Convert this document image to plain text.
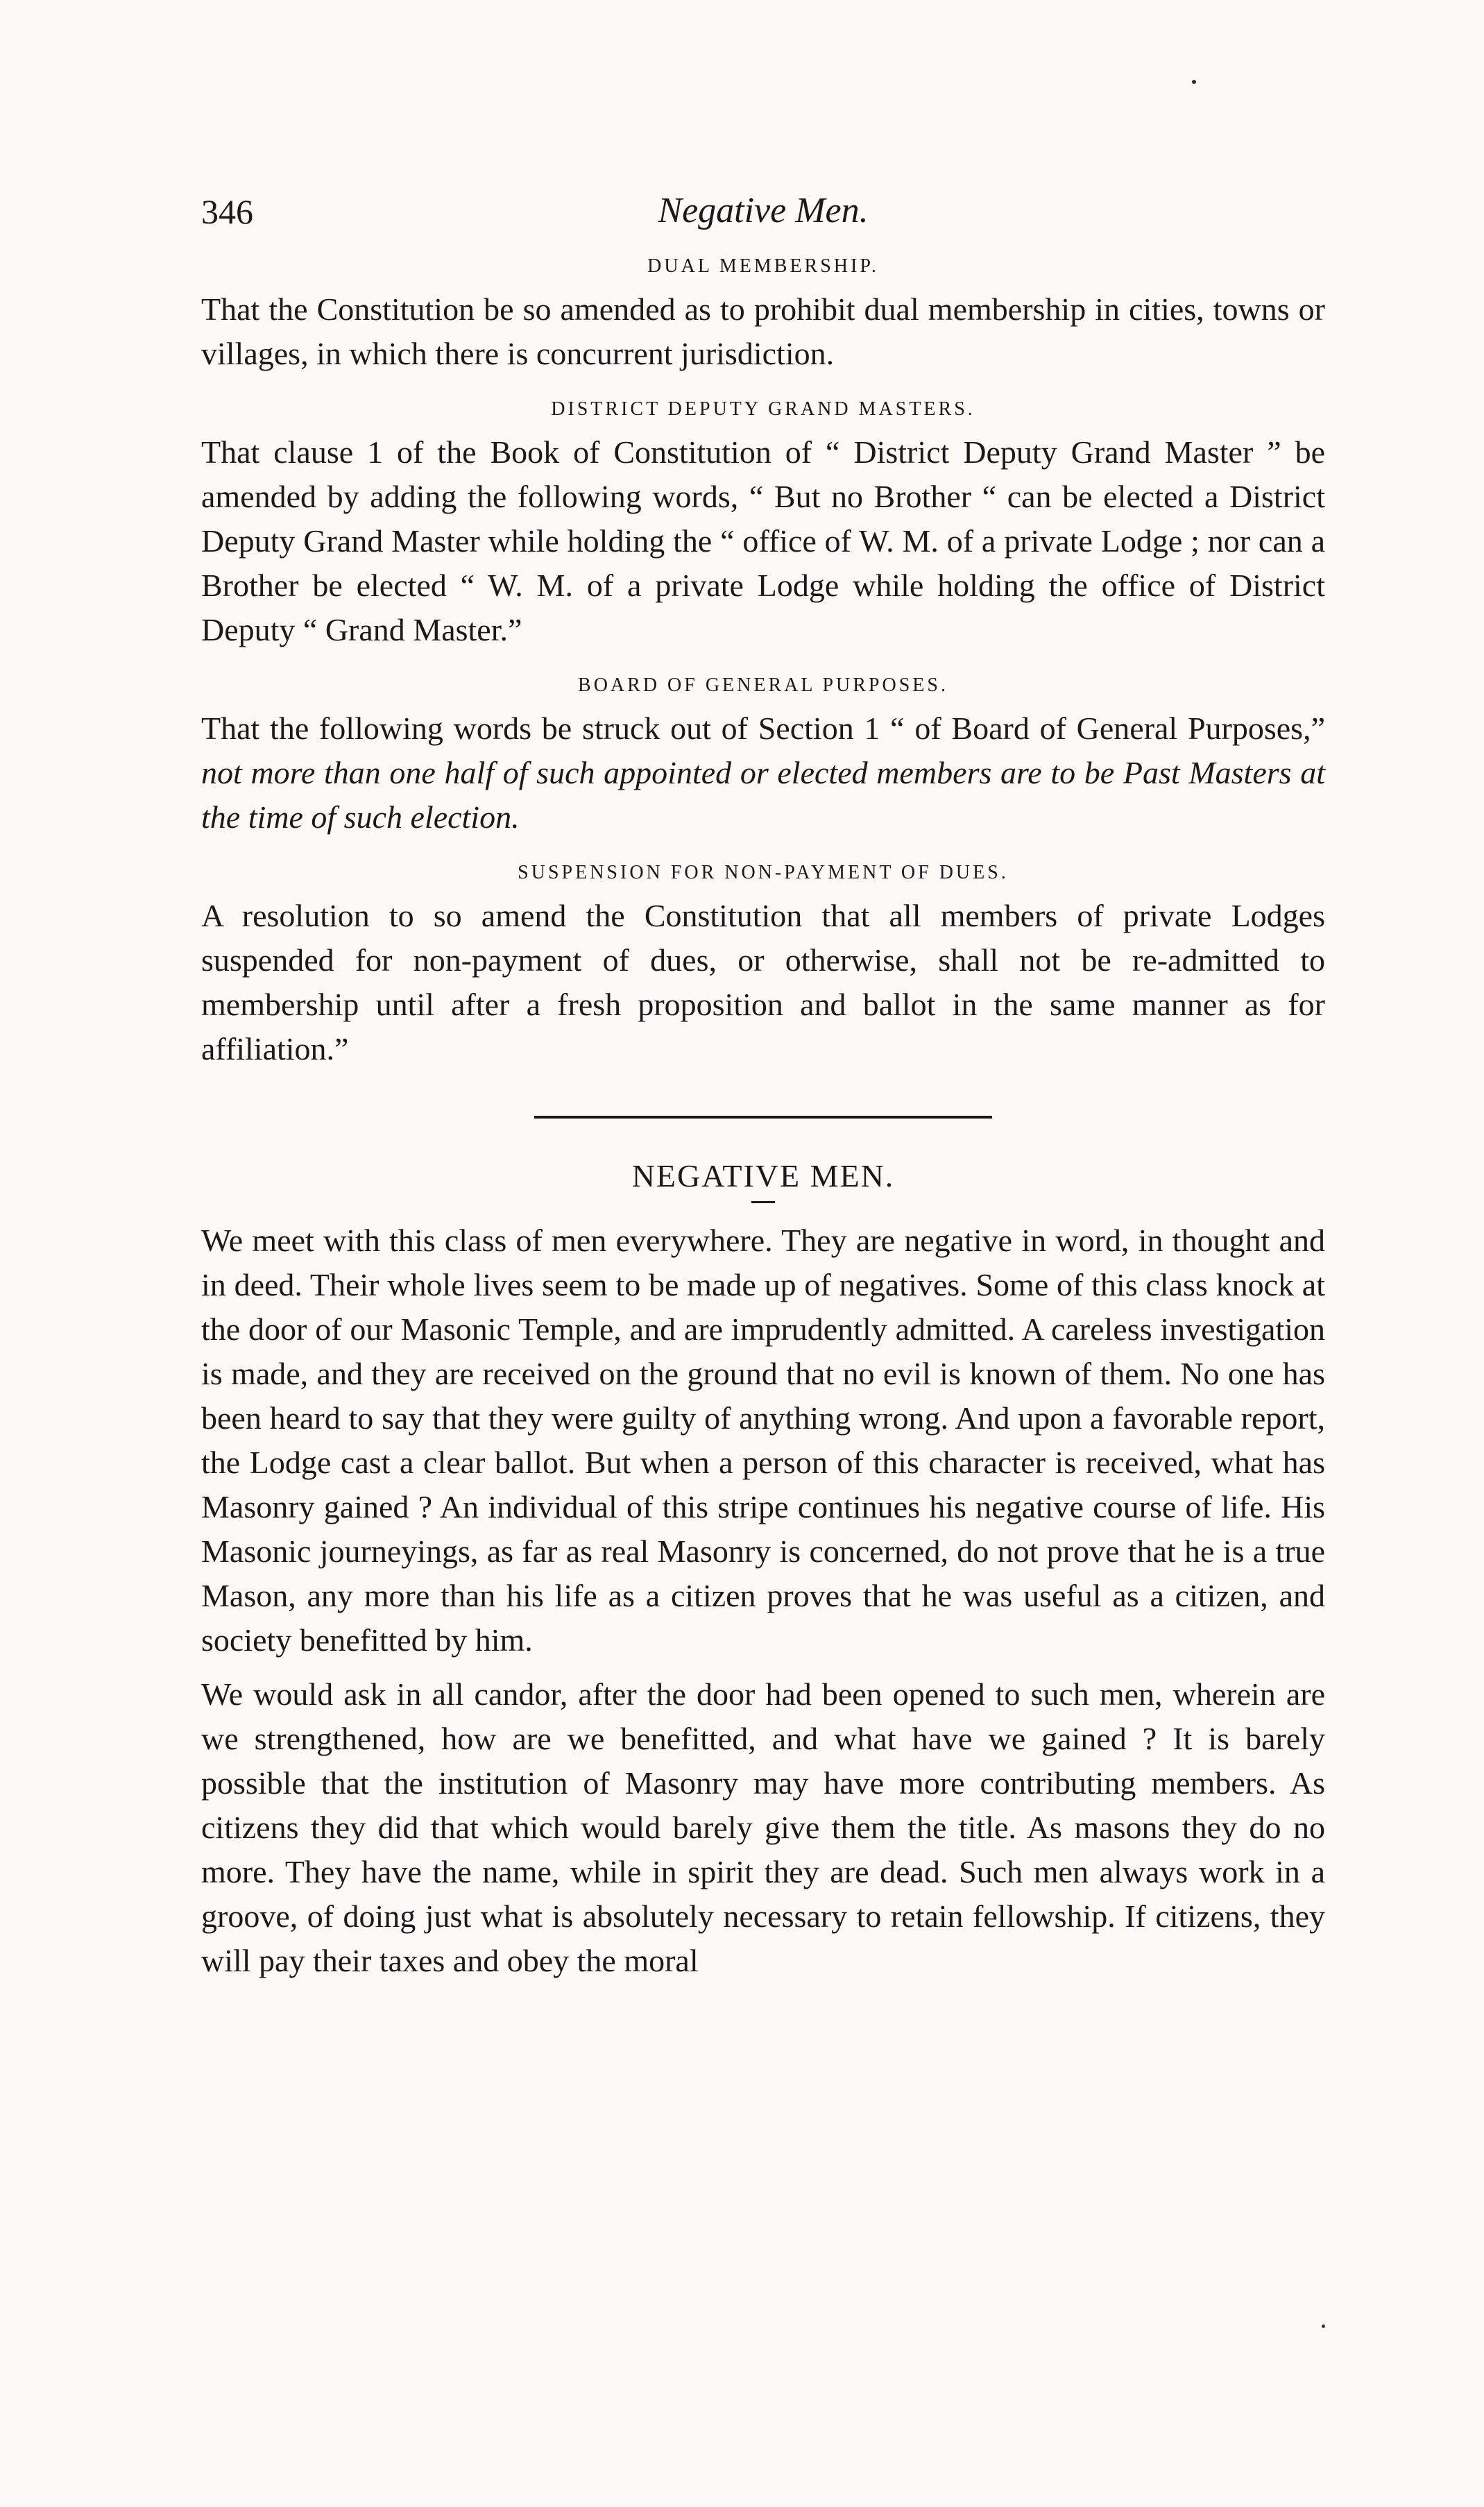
346	Negative Men.
DUAL MEMBERSHIP.

That the Constitution be so amended as to prohibit dual membership in cities, towns or villages, in which there is concurrent jurisdiction.

DISTRICT DEPUTY GRAND MASTERS.

That clause 1 of the Book of Constitution of “ District Deputy Grand Master ” be amended by adding the following words, “ But no Brother “ can be elected a District Deputy Grand Master while holding the “ office of W. M. of a private Lodge ; nor can a Brother be elected “ W. M. of a private Lodge while holding the office of District Deputy “ Grand Master.”

BOARD OF GENERAL PURPOSES.

That the following words be struck out of Section 1 “ of Board of General Purposes,” not more than one half of such appointed or elected members are to be Past Masters at the time of such election.

SUSPENSION FOR NON-PAYMENT OF DUES.

A resolution to so amend the Constitution that all members of private Lodges suspended for non-payment of dues, or otherwise, shall not be re-admitted to membership until after a fresh proposition and ballot in the same manner as for affiliation.”

NEGATIVE MEN.

We meet with this class of men everywhere. They are negative in word, in thought and in deed. Their whole lives seem to be made up of negatives. Some of this class knock at the door of our Masonic Temple, and are imprudently admitted. A careless investigation is made, and they are received on the ground that no evil is known of them. No one has been heard to say that they were guilty of anything wrong. And upon a favorable report, the Lodge cast a clear ballot. But when a person of this character is received, what has Masonry gained ? An individual of this stripe continues his negative course of life. His Masonic journeyings, as far as real Masonry is concerned, do not prove that he is a true Mason, any more than his life as a citizen proves that he was useful as a citizen, and society benefitted by him.

We would ask in all candor, after the door had been opened to such men, wherein are we strengthened, how are we benefitted, and what have we gained ? It is barely possible that the institution of Masonry may have more contributing members. As citizens they did that which would barely give them the title. As masons they do no more. They have the name, while in spirit they are dead. Such men always work in a groove, of doing just what is absolutely necessary to retain fellowship. If citizens, they will pay their taxes and obey the moral
